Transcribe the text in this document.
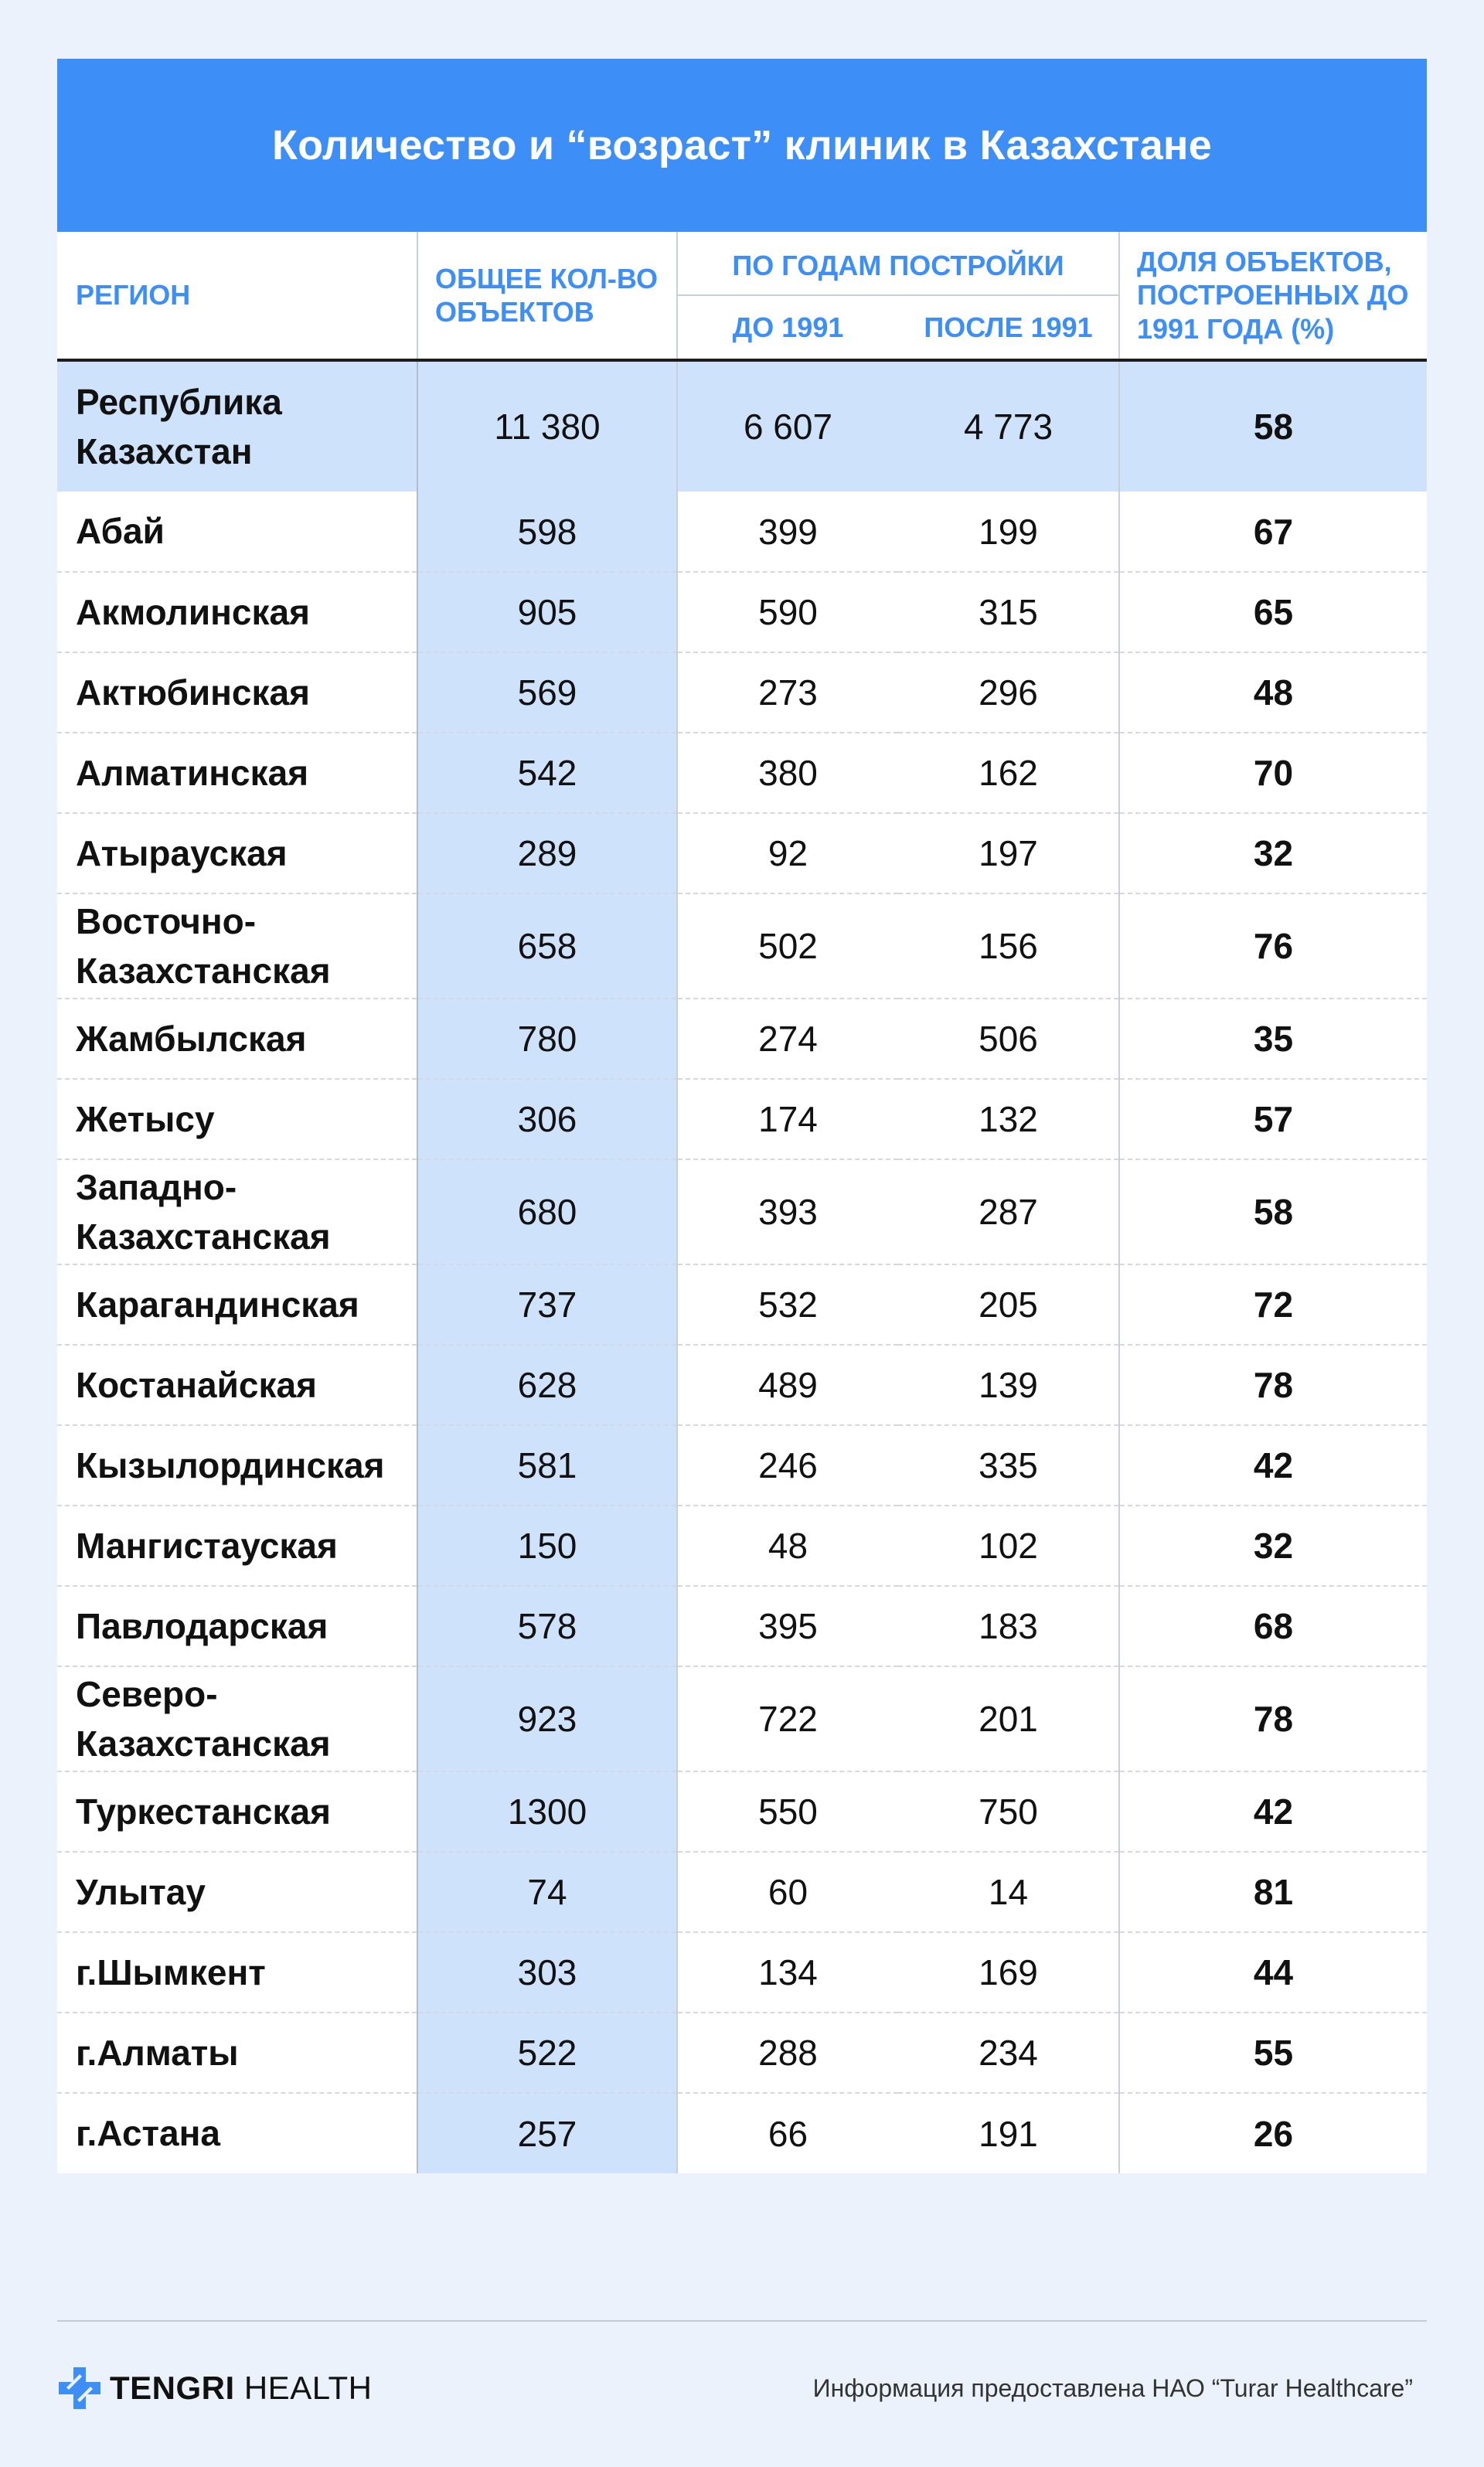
Количество и “возраст” клиник в Казахстане
РЕГИОН	ОБЩЕЕ КОЛ-ВО ОБЪЕКТОВ	ПО ГОДАМ ПОСТРОЙКИ		ДОЛЯ ОБЪЕКТОВ, ПОСТРОЕННЫХ ДО 1991 ГОДА (%)
		ДО 1991	ПОСЛЕ 1991	
Республика Казахстан	11 380	6 607	4 773	58
Абай	598	399	199	67
Акмолинская	905	590	315	65
Актюбинская	569	273	296	48
Алматинская	542	380	162	70
Атырауская	289	92	197	32
Восточно-Казахстанская	658	502	156	76
Жамбылская	780	274	506	35
Жетысу	306	174	132	57
Западно-Казахстанская	680	393	287	58
Карагандинская	737	532	205	72
Костанайская	628	489	139	78
Кызылординская	581	246	335	42
Мангистауская	150	48	102	32
Павлодарская	578	395	183	68
Северо-Казахстанская	923	722	201	78
Туркестанская	1300	550	750	42
Улытау	74	60	14	81
г.Шымкент	303	134	169	44
г.Алматы	522	288	234	55
г.Астана	257	66	191	26
TENGRI HEALTH	Информация предоставлена НАО “Turar Healthcare”
